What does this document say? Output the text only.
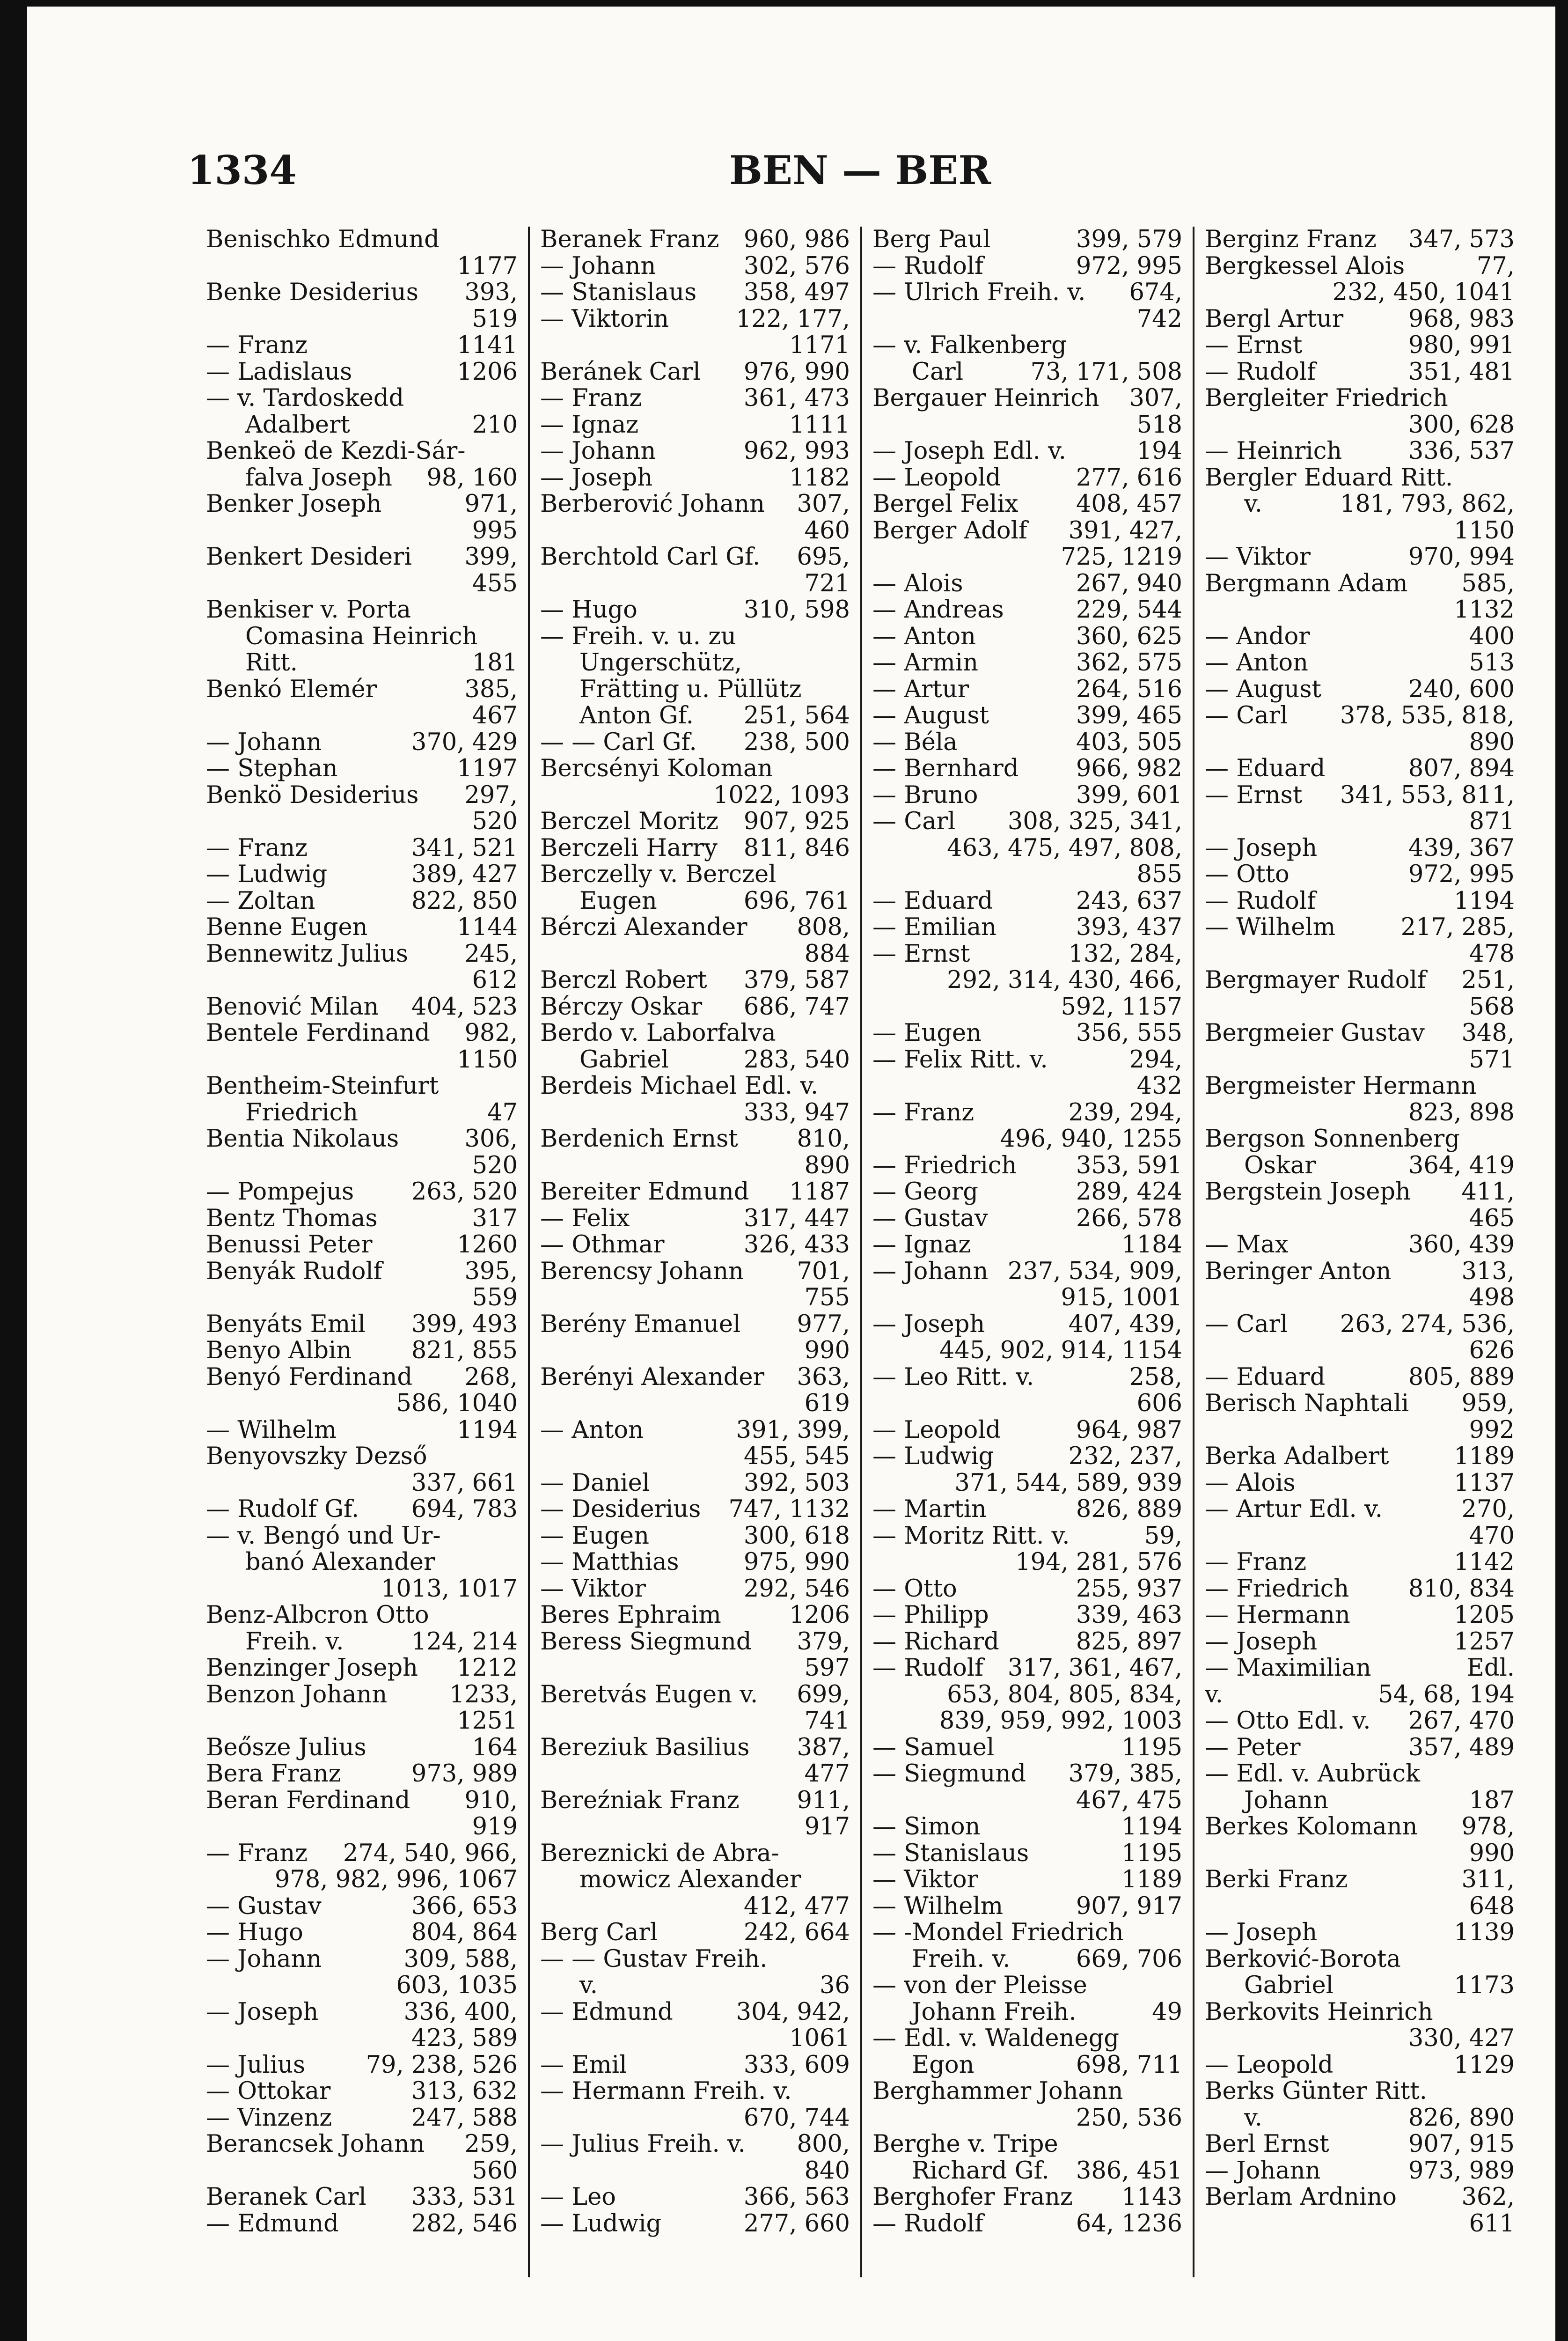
1334	BEN — BER
Benischko Edmund
1177
393,
Benke Desiderius
519
1141
— Franz
1206
— Ladislaus
— v. Tardoskedd
210
Adalbert
Benkeö de Kezdi-Sár-
98, 160
falva Joseph
971,
Benker Joseph
995
399,
Benkert Desideri
455
Benkiser v. Porta
Comasina Heinrich
181
Ritt.
385,
Benkó Elemér
467
370, 429
— Johann
1197
— Stephan
297,
Benkö Desiderius
520
341, 521
— Franz
389, 427
— Ludwig
822, 850
— Zoltan
1144
Benne Eugen
245,
Bennewitz Julius
612
404, 523
Benović Milan
982,
Bentele Ferdinand
1150
Bentheim-Steinfurt
47
Friedrich
306,
Bentia Nikolaus
520
263, 520
— Pompejus
317
Bentz Thomas
1260
Benussi Peter
395,
Benyák Rudolf
559
399, 493
Benyáts Emil
821, 855
Benyo Albin
268,
Benyó Ferdinand
586, 1040
1194
— Wilhelm
Benyovszky Dezső
337, 661
694, 783
— Rudolf Gf.
— v. Bengó und Ur-
banó Alexander
1013, 1017
Benz-Albcron Otto
124, 214
Freih. v.
1212
Benzinger Joseph
1233,
Benzon Johann
1251
164
Beősze Julius
973, 989
Bera Franz
910,
Beran Ferdinand
919
274, 540, 966,
— Franz
978, 982, 996, 1067
366, 653
— Gustav
804, 864
— Hugo
309, 588,
— Johann
603, 1035
336, 400,
— Joseph
423, 589
79, 238, 526
— Julius
313, 632
— Ottokar
247, 588
— Vinzenz
259,
Berancsek Johann
560
333, 531
Beranek Carl
282, 546
— Edmund
960, 986
Beranek Franz
302, 576
— Johann
358, 497
— Stanislaus
122, 177,
— Viktorin
1171
976, 990
Beránek Carl
361, 473
— Franz
1111
— Ignaz
962, 993
— Johann
1182
— Joseph
307,
Berberović Johann
460
695,
Berchtold Carl Gf.
721
310, 598
— Hugo
— Freih. v. u. zu
Ungerschütz,
Frätting u. Püllütz
251, 564
Anton Gf.
238, 500
— — Carl Gf.
Bercsényi Koloman
1022, 1093
907, 925
Berczel Moritz
811, 846
Berczeli Harry
Berczelly v. Berczel
696, 761
Eugen
808,
Bérczi Alexander
884
379, 587
Berczl Robert
686, 747
Bérczy Oskar
Berdo v. Laborfalva
283, 540
Gabriel
Berdeis Michael Edl. v.
333, 947
810,
Berdenich Ernst
890
1187
Bereiter Edmund
317, 447
— Felix
326, 433
— Othmar
701,
Berencsy Johann
755
977,
Berény Emanuel
990
363,
Berényi Alexander
619
391, 399,
— Anton
455, 545
392, 503
— Daniel
747, 1132
— Desiderius
300, 618
— Eugen
975, 990
— Matthias
292, 546
— Viktor
1206
Beres Ephraim
379,
Beress Siegmund
597
699,
Beretvás Eugen v.
741
387,
Bereziuk Basilius
477
911,
Bereźniak Franz
917
Bereznicki de Abra-
mowicz Alexander
412, 477
242, 664
Berg Carl
— — Gustav Freih.
36
v.
304, 942,
— Edmund
1061
333, 609
— Emil
— Hermann Freih. v.
670, 744
800,
— Julius Freih. v.
840
366, 563
— Leo
277, 660
— Ludwig
399, 579
Berg Paul
972, 995
— Rudolf
674,
— Ulrich Freih. v.
742
— v. Falkenberg
73, 171, 508
Carl
307,
Bergauer Heinrich
518
194
— Joseph Edl. v.
277, 616
— Leopold
408, 457
Bergel Felix
391, 427,
Berger Adolf
725, 1219
267, 940
— Alois
229, 544
— Andreas
360, 625
— Anton
362, 575
— Armin
264, 516
— Artur
399, 465
— August
403, 505
— Béla
966, 982
— Bernhard
399, 601
— Bruno
308, 325, 341,
— Carl
463, 475, 497, 808,
855
243, 637
— Eduard
393, 437
— Emilian
132, 284,
— Ernst
292, 314, 430, 466,
592, 1157
356, 555
— Eugen
294,
— Felix Ritt. v.
432
239, 294,
— Franz
496, 940, 1255
353, 591
— Friedrich
289, 424
— Georg
266, 578
— Gustav
1184
— Ignaz
237, 534, 909,
— Johann
915, 1001
407, 439,
— Joseph
445, 902, 914, 1154
258,
— Leo Ritt. v.
606
964, 987
— Leopold
232, 237,
— Ludwig
371, 544, 589, 939
826, 889
— Martin
59,
— Moritz Ritt. v.
194, 281, 576
255, 937
— Otto
339, 463
— Philipp
825, 897
— Richard
317, 361, 467,
— Rudolf
653, 804, 805, 834,
839, 959, 992, 1003
1195
— Samuel
379, 385,
— Siegmund
467, 475
1194
— Simon
1195
— Stanislaus
1189
— Viktor
907, 917
— Wilhelm
— -Mondel Friedrich
669, 706
Freih. v.
— von der Pleisse
49
Johann Freih.
— Edl. v. Waldenegg
698, 711
Egon
Berghammer Johann
250, 536
Berghe v. Tripe
386, 451
Richard Gf.
1143
Berghofer Franz
64, 1236
— Rudolf
347, 573
Berginz Franz
77,
Bergkessel Alois
232, 450, 1041
968, 983
Bergl Artur
980, 991
— Ernst
351, 481
— Rudolf
Bergleiter Friedrich
300, 628
336, 537
— Heinrich
Bergler Eduard Ritt.
181, 793, 862,
v.
1150
970, 994
— Viktor
585,
Bergmann Adam
1132
400
— Andor
513
— Anton
240, 600
— August
378, 535, 818,
— Carl
890
807, 894
— Eduard
341, 553, 811,
— Ernst
871
439, 367
— Joseph
972, 995
— Otto
1194
— Rudolf
217, 285,
— Wilhelm
478
251,
Bergmayer Rudolf
568
348,
Bergmeier Gustav
571
Bergmeister Hermann
823, 898
Bergson Sonnenberg
364, 419
Oskar
411,
Bergstein Joseph
465
360, 439
— Max
313,
Beringer Anton
498
263, 274, 536,
— Carl
626
805, 889
— Eduard
959,
Berisch Naphtali
992
1189
Berka Adalbert
1137
— Alois
270,
— Artur Edl. v.
470
1142
— Franz
810, 834
— Friedrich
1205
— Hermann
1257
— Joseph
Edl.
— Maximilian
54, 68, 194
v.
267, 470
— Otto Edl. v.
357, 489
— Peter
— Edl. v. Aubrück
187
Johann
978,
Berkes Kolomann
990
311,
Berki Franz
648
1139
— Joseph
Berković-Borota
1173
Gabriel
Berkovits Heinrich
330, 427
1129
— Leopold
Berks Günter Ritt.
826, 890
v.
907, 915
Berl Ernst
973, 989
— Johann
362,
Berlam Ardnino
611
